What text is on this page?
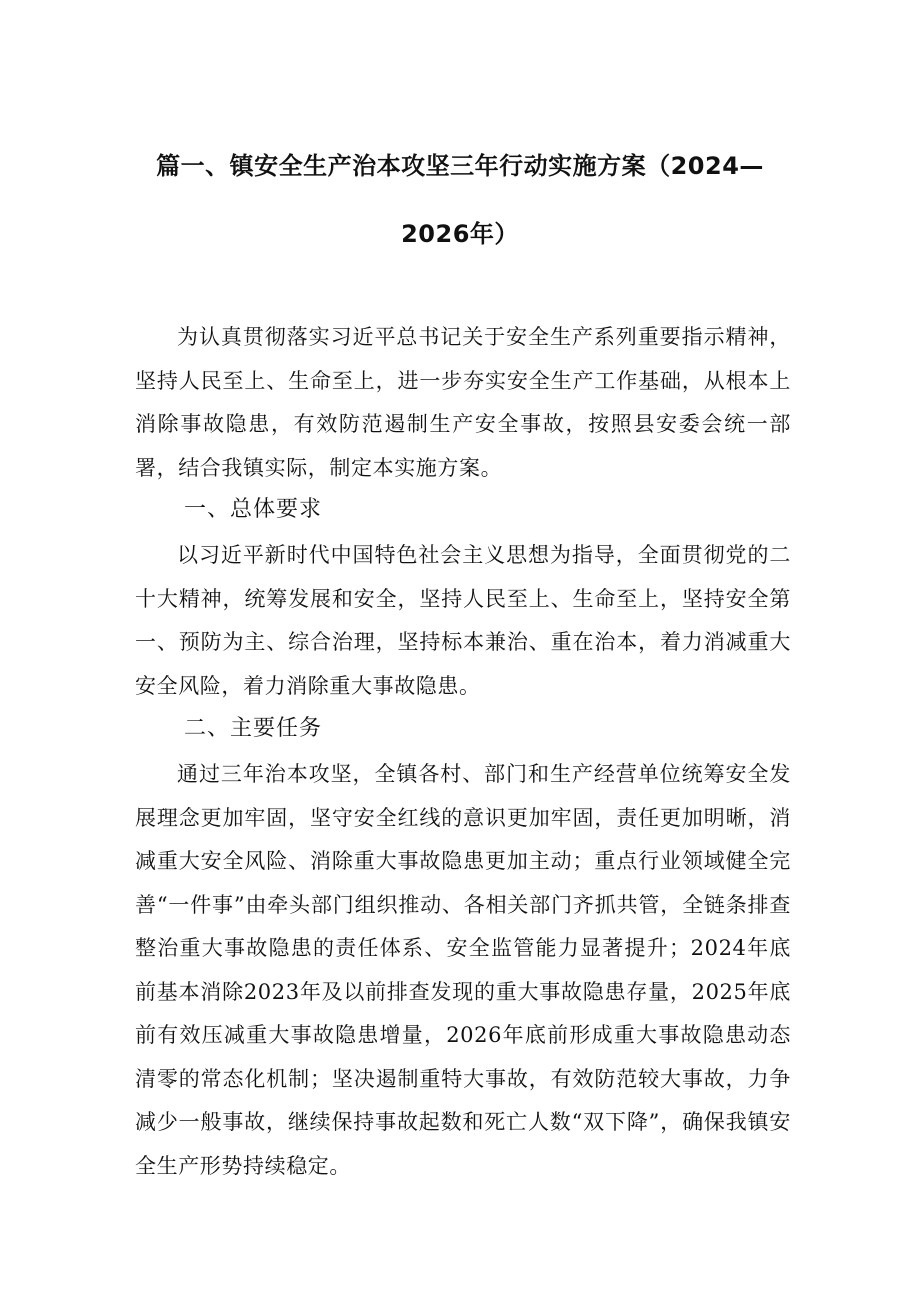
篇一、镇安全生产治本攻坚三年行动实施方案（2024—
2026年）

为认真贯彻落实习近平总书记关于安全生产系列重要指示精神，坚持人民至上、生命至上，进一步夯实安全生产工作基础，从根本上消除事故隐患，有效防范遏制生产安全事故，按照县安委会统一部署，结合我镇实际，制定本实施方案。

一、总体要求

以习近平新时代中国特色社会主义思想为指导，全面贯彻党的二十大精神，统筹发展和安全，坚持人民至上、生命至上，坚持安全第一、预防为主、综合治理，坚持标本兼治、重在治本，着力消减重大安全风险，着力消除重大事故隐患。

二、主要任务

通过三年治本攻坚，全镇各村、部门和生产经营单位统筹安全发展理念更加牢固，坚守安全红线的意识更加牢固，责任更加明晰，消减重大安全风险、消除重大事故隐患更加主动；重点行业领域健全完善“一件事”由牵头部门组织推动、各相关部门齐抓共管，全链条排查整治重大事故隐患的责任体系、安全监管能力显著提升；2024年底前基本消除2023年及以前排查发现的重大事故隐患存量，2025年底前有效压减重大事故隐患增量，2026年底前形成重大事故隐患动态清零的常态化机制；坚决遏制重特大事故，有效防范较大事故，力争减少一般事故，继续保持事故起数和死亡人数“双下降”，确保我镇安全生产形势持续稳定。
